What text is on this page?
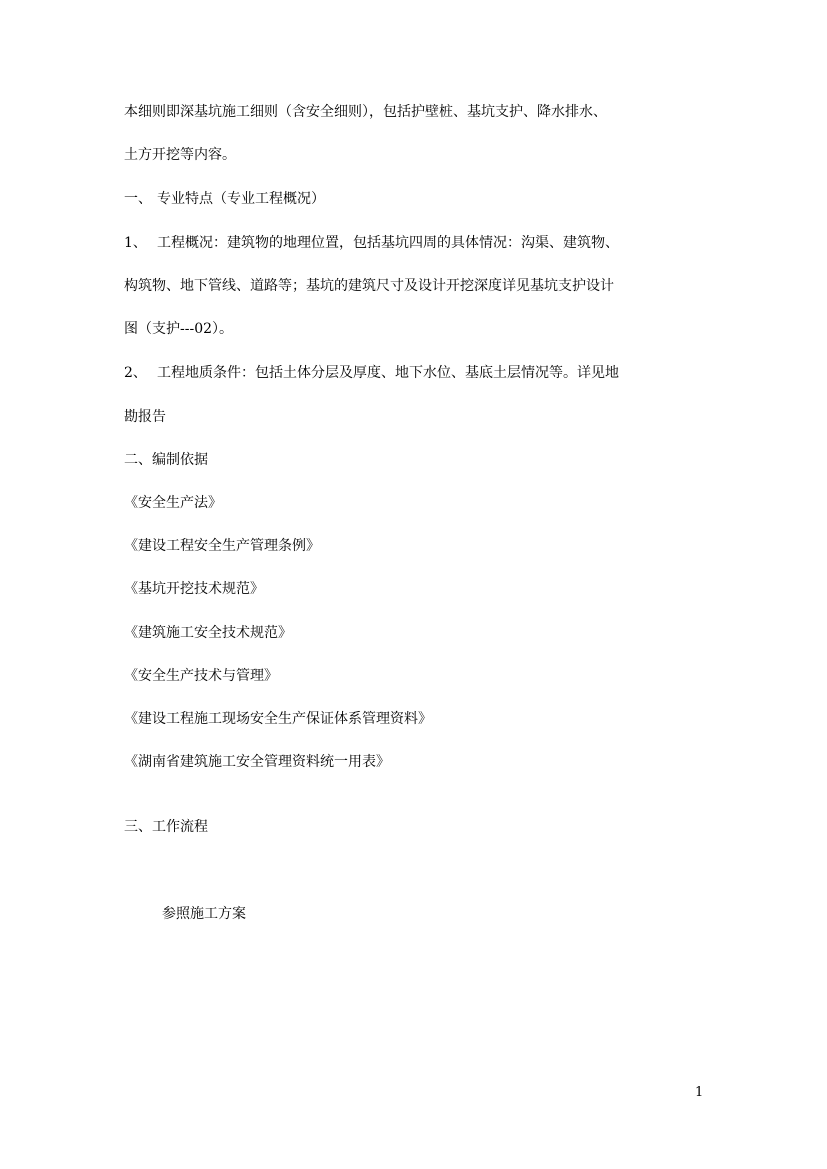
本细则即深基坑施工细则（含安全细则），包括护壁桩、基坑支护、降水排水、
土方开挖等内容。
一、 专业特点（专业工程概况）
1、 工程概况：建筑物的地理位置，包括基坑四周的具体情况：沟渠、建筑物、
构筑物、地下管线、道路等；基坑的建筑尺寸及设计开挖深度详见基坑支护设计
图（支护---02）。
2、 工程地质条件：包括土体分层及厚度、地下水位、基底土层情况等。详见地
勘报告
二、编制依据
《安全生产法》
《建设工程安全生产管理条例》
《基坑开挖技术规范》
《建筑施工安全技术规范》
《安全生产技术与管理》
《建设工程施工现场安全生产保证体系管理资料》
《湖南省建筑施工安全管理资料统一用表》
三、工作流程
参照施工方案
1
